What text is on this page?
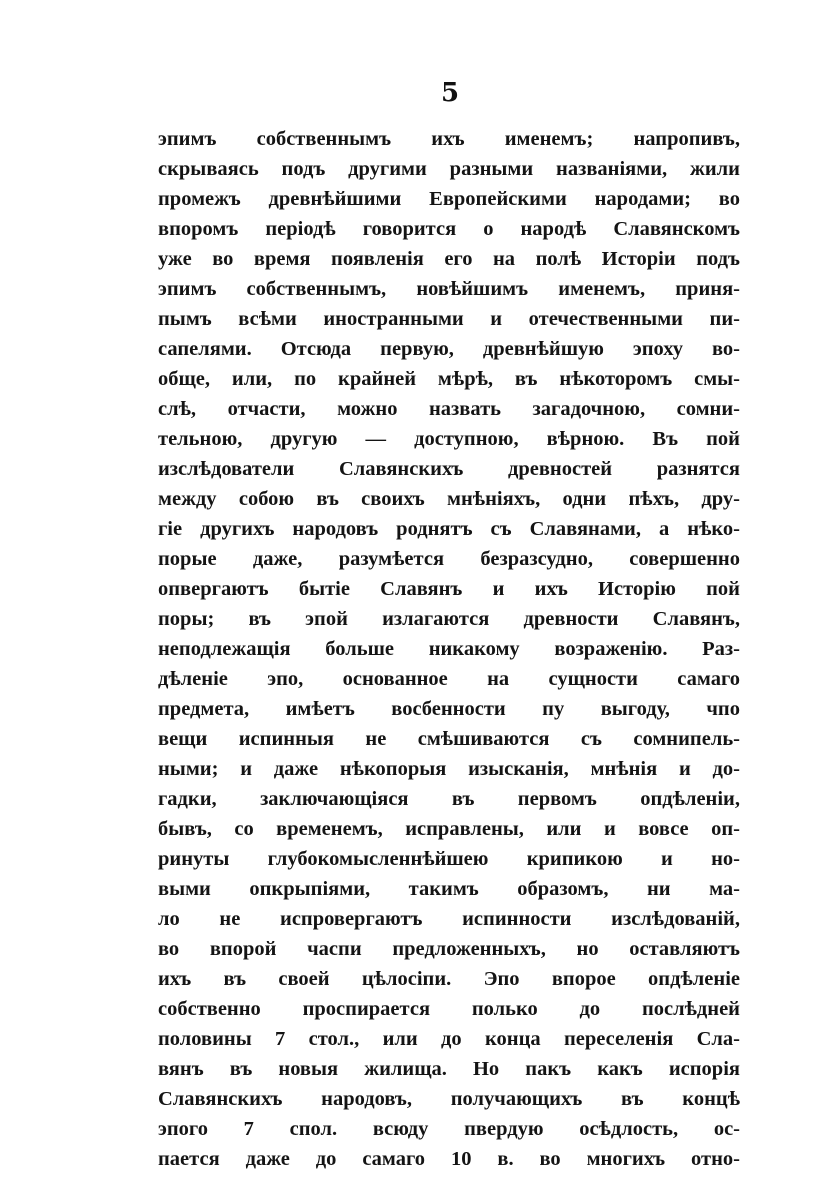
5
эпимъ собственнымъ ихъ именемъ; напропивъ,
скрываясь подъ другими разными названіями, жили
промежъ древнѣйшими Европейскими народами; во
впоромъ періодѣ говорится о народѣ Славянскомъ
уже во время появленія его на полѣ Исторіи подъ
эпимъ собственнымъ, новѣйшимъ именемъ, приня-
пымъ всѣми иностранными и отечественными пи-
сапелями. Отсюда первую, древнѣйшую эпоху во-
обще, или, по крайней мѣрѣ, въ нѣкоторомъ смы-
слѣ, отчасти, можно назвать загадочною, сомни-
тельною, другую — доступною, вѣрною. Въ пой
изслѣдователи Славянскихъ древностей разнятся
между собою въ своихъ мнѣніяхъ, одни пѣхъ, дру-
гіе другихъ народовъ роднятъ съ Славянами, а нѣко-
порые даже, разумѣется безразсудно, совершенно
опвергаютъ бытіе Славянъ и ихъ Исторію пой
поры; въ эпой излагаются древности Славянъ,
неподлежащія больше никакому возраженію. Раз-
дѣленіе эпо, основанное на сущности самаго
предмета, имѣетъ восбенности пу выгоду, чпо
вещи испинныя не смѣшиваются съ сомнипель-
ными; и даже нѣкопорыя изысканія, мнѣнія и до-
гадки, заключающіяся въ первомъ опдѣленіи,
бывъ, со временемъ, исправлены, или и вовсе оп-
ринуты глубокомысленнѣйшею крипикою и но-
выми опкрыпіями, такимъ образомъ, ни ма-
ло не испровергаютъ испинности изслѣдованій,
во впорой часпи предложенныхъ, но оставляютъ
ихъ въ своей цѣлосіпи. Эпо впорое опдѣленіе
собственно проспирается полько до послѣдней
половины 7 стол., или до конца переселенія Сла-
вянъ въ новыя жилища. Но пакъ какъ испорія
Славянскихъ народовъ, получающихъ въ концѣ
эпого 7 спол. всюду пвердую осѣдлость, ос-
пается даже до самаго 10 в. во многихъ отно-
